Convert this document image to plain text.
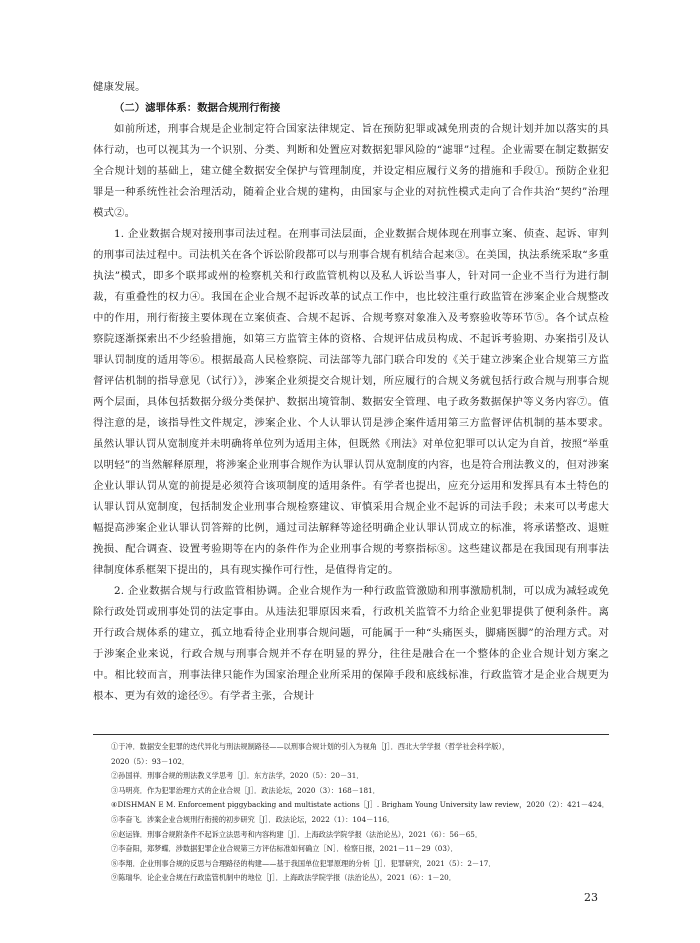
健康发展。

（二）滤罪体系：数据合规刑行衔接

如前所述，刑事合规是企业制定符合国家法律规定、旨在预防犯罪或减免刑责的合规计划并加以落实的具体行动，也可以视其为一个识别、分类、判断和处置应对数据犯罪风险的“滤罪”过程。企业需要在制定数据安全合规计划的基础上，建立健全数据安全保护与管理制度，并设定相应履行义务的措施和手段①。预防企业犯罪是一种系统性社会治理活动，随着企业合规的建构，由国家与企业的对抗性模式走向了合作共治“契约”治理模式②。

1. 企业数据合规对接刑事司法过程。在刑事司法层面，企业数据合规体现在刑事立案、侦查、起诉、审判的刑事司法过程中。司法机关在各个诉讼阶段都可以与刑事合规有机结合起来③。在美国，执法系统采取“多重执法”模式，即多个联邦或州的检察机关和行政监管机构以及私人诉讼当事人，针对同一企业不当行为进行制裁，有重叠性的权力④。我国在企业合规不起诉改革的试点工作中，也比较注重行政监管在涉案企业合规整改中的作用，刑行衔接主要体现在立案侦查、合规不起诉、合规考察对象准入及考察验收等环节⑤。各个试点检察院逐渐探索出不少经验措施，如第三方监管主体的资格、合规评估成员构成、不起诉考验期、办案指引及认罪认罚制度的适用等⑥。根据最高人民检察院、司法部等九部门联合印发的《关于建立涉案企业合规第三方监督评估机制的指导意见（试行）》，涉案企业须提交合规计划，所应履行的合规义务就包括行政合规与刑事合规两个层面，具体包括数据分级分类保护、数据出境管制、数据安全管理、电子政务数据保护等义务内容⑦。值得注意的是，该指导性文件规定，涉案企业、个人认罪认罚是涉企案件适用第三方监督评估机制的基本要求。虽然认罪认罚从宽制度并未明确将单位列为适用主体，但既然《刑法》对单位犯罪可以认定为自首，按照“举重以明轻”的当然解释原理，将涉案企业刑事合规作为认罪认罚从宽制度的内容，也是符合刑法教义的，但对涉案企业认罪认罚从宽的前提是必须符合该项制度的适用条件。有学者也提出，应充分运用和发挥具有本土特色的认罪认罚从宽制度，包括制发企业刑事合规检察建议、审慎采用合规企业不起诉的司法手段；未来可以考虑大幅提高涉案企业认罪认罚答辩的比例，通过司法解释等途径明确企业认罪认罚成立的标准，将承诺整改、退赃挽损、配合调查、设置考验期等在内的条件作为企业刑事合规的考察指标⑧。这些建议都是在我国现有刑事法律制度体系框架下提出的，具有现实操作可行性，是值得肯定的。

2. 企业数据合规与行政监管相协调。企业合规作为一种行政监管激励和刑事激励机制，可以成为减轻或免除行政处罚或刑事处罚的法定事由。从违法犯罪原因来看，行政机关监管不力给企业犯罪提供了便利条件。离开行政合规体系的建立，孤立地看待企业刑事合规问题，可能属于一种“头痛医头，脚痛医脚”的治理方式。对于涉案企业来说，行政合规与刑事合规并不存在明显的界分，往往是融合在一个整体的企业合规计划方案之中。相比较而言，刑事法律只能作为国家治理企业所采用的保障手段和底线标准，行政监管才是企业合规更为根本、更为有效的途径⑨。有学者主张，合规计

①于冲．数据安全犯罪的迭代异化与刑法规制路径——以刑事合规计划的引入为视角［J］．西北大学学报（哲学社会科学版），
2020（5）：93－102．

②孙国祥．刑事合规的刑法教义学思考［J］．东方法学，2020（5）：20－31．

③马明亮．作为犯罪治理方式的企业合规［J］．政法论坛，2020（3）：168－181．

④DISHMAN E M. Enforcement piggybacking and multistate actions［J］. Brigham Young University law review，2020（2）：421－424．

⑤李奋飞．涉案企业合规刑行衔接的初步研究［J］．政法论坛，2022（1）：104－116．

⑥赵运锋．刑事合规附条件不起诉立法思考和内容构建［J］．上海政法学院学报（法治论丛），2021（6）：56－65．

⑦李奋阳，郑梦蝶．涉数据犯罪企业合规第三方评估标准如何确立［N］．检察日报，2021－11－29（03）．

⑧李翔．企业刑事合规的反思与合理路径的构建——基于我国单位犯罪原理的分析［J］．犯罪研究，2021（5）：2－17．

⑨陈瑞华．论企业合规在行政监管机制中的地位［J］．上海政法学院学报（法治论丛），2021（6）：1－20．

23
